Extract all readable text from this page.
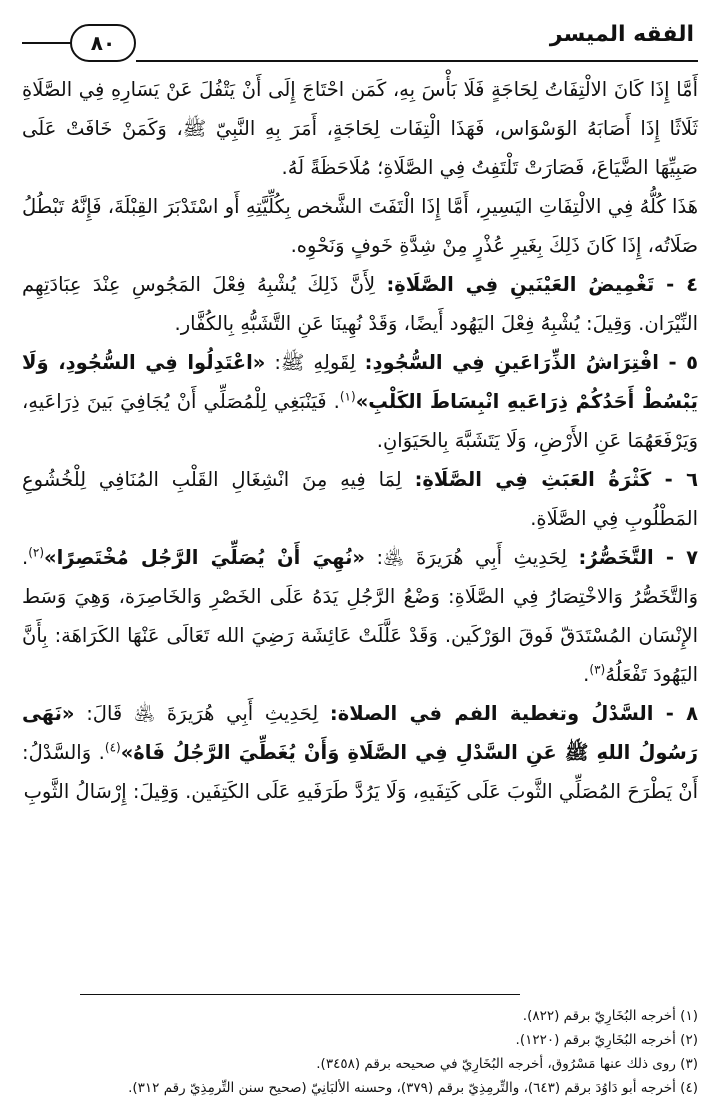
الفقه الميسر
٨٠

أَمَّا إِذَا كَانَ الالْتِفَاتُ لِحَاجَةٍ فَلَا بَأْسَ بِهِ، كَمَن احْتَاجَ إِلَى أَنْ يَتْفُلَ عَنْ يَسَارِهِ فِي الصَّلَاةِ ثَلَاثًا إِذَا أَصَابَهُ الوَسْوَاس، فَهَذَا الْتِفَات لِحَاجَةٍ، أَمَرَ بِهِ النَّبِيّ ﷺ، وَكَمَنْ خَافَتْ عَلَى صَبِيِّهَا الضَّيَاعَ، فَصَارَتْ تَلْتَفِتُ فِي الصَّلَاةِ؛ مُلَاحَظَةً لَهُ.

هَذَا كُلُّهُ فِي الالْتِفَاتِ اليَسِيرِ، أَمَّا إِذَا الْتَفَتَ الشَّخص بِكُلِّيَّتِهِ أَو اسْتَدْبَرَ القِبْلَةَ، فَإِنَّهُ تَبْطُلُ صَلَاتُه، إِذَا كَانَ ذَلِكَ بِغَيرِ عُذْرٍ مِنْ شِدَّةِ خَوفٍ وَنَحْوِه.

٤ - تَغْمِيضُ العَيْنَينِ فِي الصَّلَاةِ: لِأَنَّ ذَلِكَ يُشْبِهُ فِعْلَ المَجُوسِ عِنْدَ عِبَادَتِهِم النِّيْرَان. وَقِيلَ: يُشْبِهُ فِعْلَ اليَهُود أَيضًا، وَقَدْ نُهِينَا عَنِ التَّشَبُّهِ بِالكُفَّار.

٥ - افْتِرَاشُ الذِّرَاعَينِ فِي السُّجُودِ: لِقَولِهِ ﷺ: «اعْتَدِلُوا فِي السُّجُودِ، وَلَا يَبْسُطْ أَحَدُكُمْ ذِرَاعَيهِ انْبِسَاطَ الكَلْبِ»$^{(١)}$. فَيَنْبَغِي لِلْمُصَلِّي أَنْ يُجَافِيَ بَينَ ذِرَاعَيهِ، وَيَرْفَعَهُمَا عَنِ الأَرْضِ، وَلَا يَتَشَبَّهَ بِالحَيَوَانِ.

٦ - كَثْرَةُ العَبَثِ فِي الصَّلَاةِ: لِمَا فِيهِ مِنَ انْشِغَالِ القَلْبِ المُنَافِي لِلْخُشُوعِ المَطْلُوبِ فِي الصَّلَاةِ.

٧ - التَّخَصُّرُ: لِحَدِيثِ أَبِي هُرَيرَةَ ﵁: «نُهِيَ أَنْ يُصَلِّيَ الرَّجُل مُخْتَصِرًا»$^{(٢)}$. وَالتَّخَصُّرُ وَالاخْتِصَارُ فِي الصَّلَاةِ: وَضْعُ الرَّجُلِ يَدَهُ عَلَى الخَصْرِ وَالخَاصِرَة، وَهِيَ وَسَط الإِنْسَان المُسْتَدَقّ فَوقَ الوَرْكَين. وَقَدْ عَلَّلَتْ عَائِشَة رَضِيَ الله تَعَالَى عَنْهَا الكَرَاهَة: بِأَنَّ اليَهُودَ تَفْعَلُهُ$^{(٣)}$.

٨ - السَّدْلُ وتغطية الفم في الصلاة: لِحَدِيثِ أَبِي هُرَيرَةَ ﵁ قَالَ: «نَهَى رَسُولُ اللهِ ﷺ عَنِ السَّدْلِ فِي الصَّلَاةِ وَأَنْ يُغَطِّيَ الرَّجُلُ فَاهُ»$^{(٤)}$. وَالسَّدْلُ: أَنْ يَطْرَحَ المُصَلِّي الثَّوبَ عَلَى كَتِفَيهِ، وَلَا يَرُدَّ طَرَفَيهِ عَلَى الكَتِفَين. وَقِيلَ: إِرْسَالُ الثَّوبِ

(١) أخرجه البُخَارِيّ برقم (٨٢٢).
(٢) أخرجه البُخَارِيّ برقم (١٢٢٠).
(٣) روى ذلك عنها مَسْرُوق، أخرجه البُخَارِيّ في صحيحه برقم (٣٤٥٨).
(٤) أخرجه أبو دَاوُدَ برقم (٦٤٣)، والتِّرمِذِيّ برقم (٣٧٩)، وحسنه الألبَانِيّ (صحيح سنن التِّرمِذِيّ رقم ٣١٢).
